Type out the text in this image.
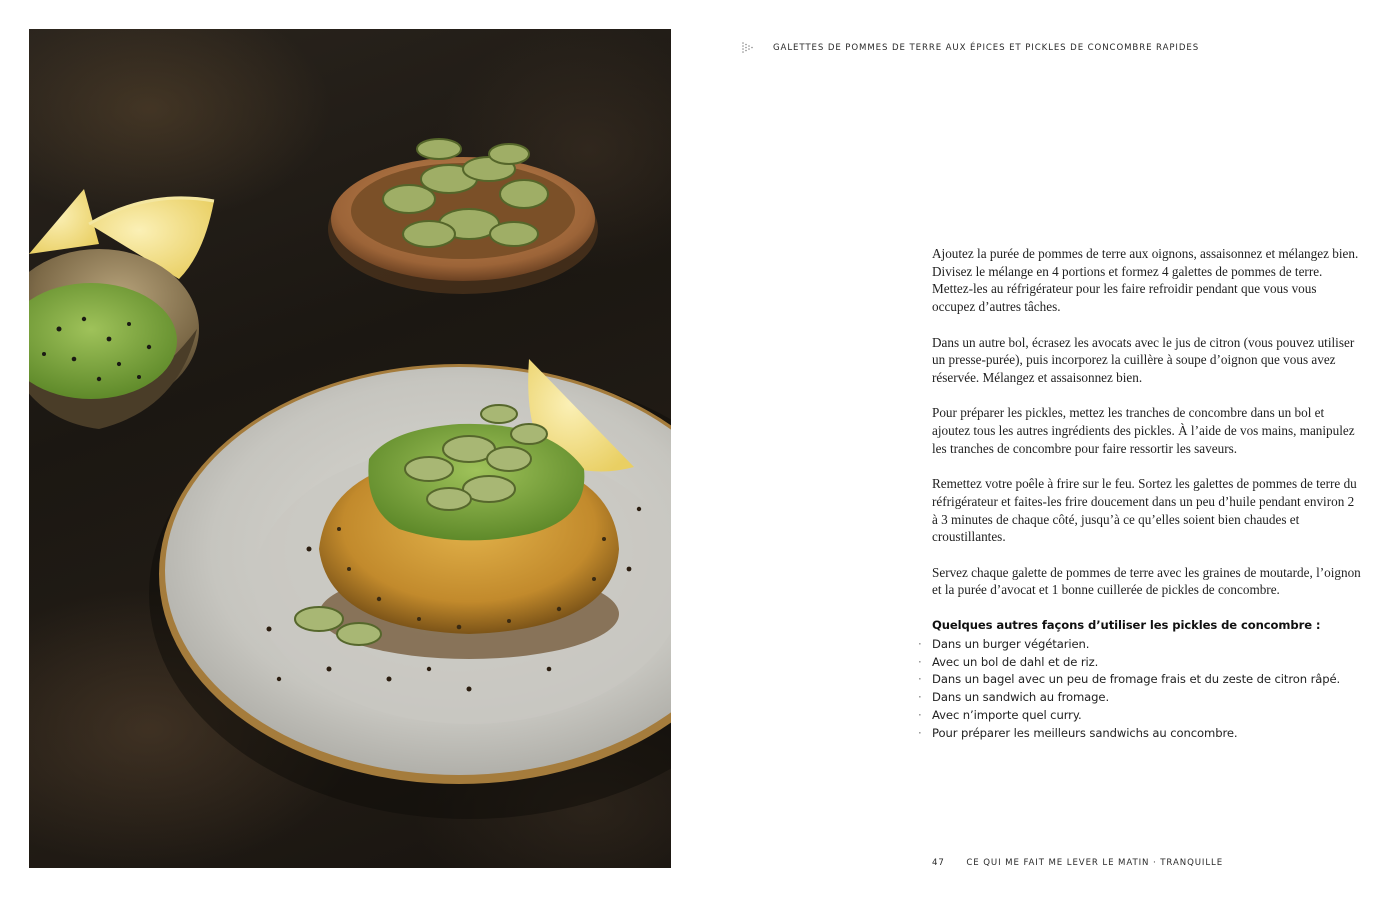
GALETTES DE POMMES DE TERRE AUX ÉPICES ET PICKLES DE CONCOMBRE RAPIDES

Ajoutez la purée de pommes de terre aux oignons, assaisonnez et mélangez bien. Divisez le mélange en 4 portions et formez 4 galettes de pommes de terre. Mettez-les au réfrigérateur pour les faire refroidir pendant que vous vous occupez d’autres tâches.

Dans un autre bol, écrasez les avocats avec le jus de citron (vous pouvez utiliser un presse-purée), puis incorporez la cuillère à soupe d’oignon que vous avez réservée. Mélangez et assaisonnez bien.

Pour préparer les pickles, mettez les tranches de concombre dans un bol et ajoutez tous les autres ingrédients des pickles. À l’aide de vos mains, manipulez les tranches de concombre pour faire ressortir les saveurs.

Remettez votre poêle à frire sur le feu. Sortez les galettes de pommes de terre du réfrigérateur et faites-les frire doucement dans un peu d’huile pendant environ 2 à 3 minutes de chaque côté, jusqu’à ce qu’elles soient bien chaudes et croustillantes.

Servez chaque galette de pommes de terre avec les graines de moutarde, l’oignon et la purée d’avocat et 1 bonne cuillerée de pickles de concombre.

Quelques autres façons d’utiliser les pickles de concombre :
· Dans un burger végétarien.
· Avec un bol de dahl et de riz.
· Dans un bagel avec un peu de fromage frais et du zeste de citron râpé.
· Dans un sandwich au fromage.
· Avec n’importe quel curry.
· Pour préparer les meilleurs sandwichs au concombre.
47	CE QUI ME FAIT ME LEVER LE MATIN · TRANQUILLE
